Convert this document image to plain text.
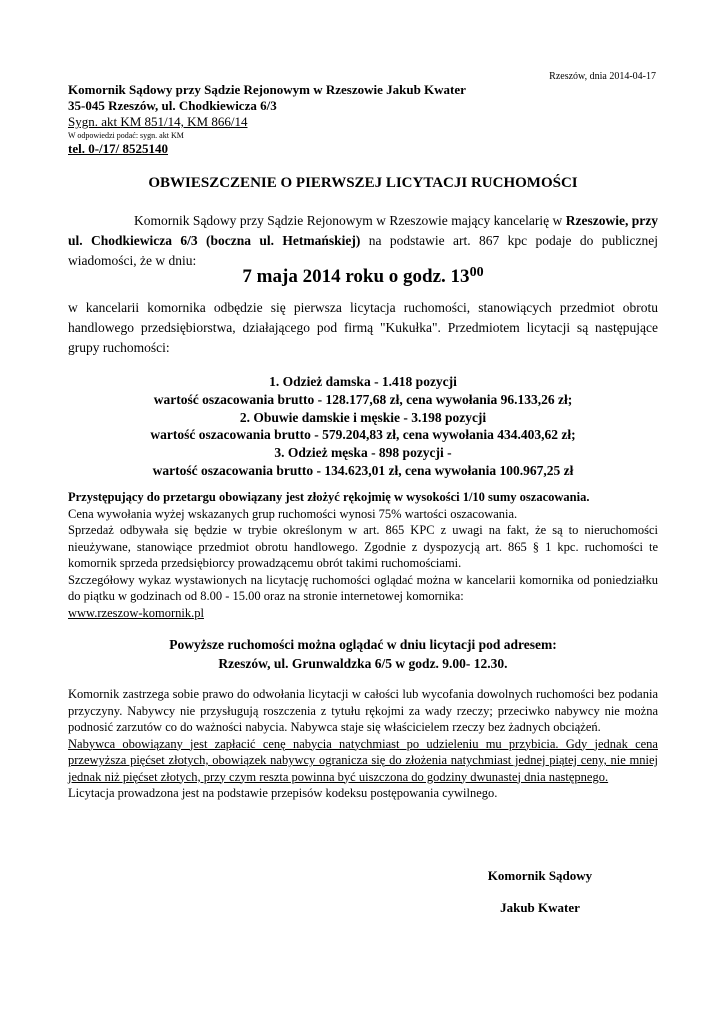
Rzeszów, dnia 2014-04-17
Komornik Sądowy przy Sądzie Rejonowym w Rzeszowie Jakub Kwater
35-045 Rzeszów, ul. Chodkiewicza 6/3
Sygn. akt KM 851/14, KM 866/14
W odpowiedzi podać: sygn. akt KM
tel. 0-/17/ 8525140
OBWIESZCZENIE O PIERWSZEJ LICYTACJI RUCHOMOŚCI
Komornik Sądowy przy Sądzie Rejonowym w Rzeszowie mający kancelarię w Rzeszowie, przy ul. Chodkiewicza 6/3 (boczna ul. Hetmańskiej) na podstawie art. 867 kpc podaje do publicznej wiadomości, że w dniu:
7 maja 2014 roku o godz. $13^{00}$
w kancelarii komornika odbędzie się pierwsza licytacja ruchomości, stanowiących przedmiot obrotu handlowego przedsiębiorstwa, działającego pod firmą "Kukułka". Przedmiotem licytacji są następujące grupy ruchomości:
1. Odzież damska - 1.418 pozycji
wartość oszacowania brutto - 128.177,68 zł, cena wywołania 96.133,26 zł;
2. Obuwie damskie i męskie - 3.198 pozycji
wartość oszacowania brutto - 579.204,83 zł, cena wywołania 434.403,62 zł;
3. Odzież męska - 898 pozycji -
wartość oszacowania brutto - 134.623,01 zł, cena wywołania 100.967,25 zł
Przystępujący do przetargu obowiązany jest złożyć rękojmię w wysokości 1/10 sumy oszacowania.
Cena wywołania wyżej wskazanych grup ruchomości wynosi 75% wartości oszacowania.
Sprzedaż odbywała się będzie w trybie określonym w art. 865 KPC z uwagi na fakt, że są to nieruchomości nieużywane, stanowiące przedmiot obrotu handlowego. Zgodnie z dyspozycją art. 865 § 1 kpc. ruchomości te komornik sprzeda przedsiębiorcy prowadzącemu obrót takimi ruchomościami.
Szczegółowy wykaz wystawionych na licytację ruchomości oglądać można w kancelarii komornika od poniedziałku do piątku w godzinach od 8.00 - 15.00 oraz na stronie internetowej komornika:
www.rzeszow-komornik.pl
Powyższe ruchomości można oglądać w dniu licytacji pod adresem:
Rzeszów, ul. Grunwaldzka 6/5 w godz. 9.00- 12.30.
Komornik zastrzega sobie prawo do odwołania licytacji w całości lub wycofania dowolnych ruchomości bez podania przyczyny. Nabywcy nie przysługują roszczenia z tytułu rękojmi za wady rzeczy; przeciwko nabywcy nie można podnosić zarzutów co do ważności nabycia. Nabywca staje się właścicielem rzeczy bez żadnych obciążeń.
Nabywca obowiązany jest zapłacić cenę nabycia natychmiast po udzieleniu mu przybicia. Gdy jednak cena przewyższa pięćset złotych, obowiązek nabywcy ogranicza się do złożenia natychmiast jednej piątej ceny, nie mniej jednak niż pięćset złotych, przy czym reszta powinna być uiszczona do godziny dwunastej dnia następnego.
Licytacja prowadzona jest na podstawie przepisów kodeksu postępowania cywilnego.
Komornik Sądowy
Jakub Kwater
